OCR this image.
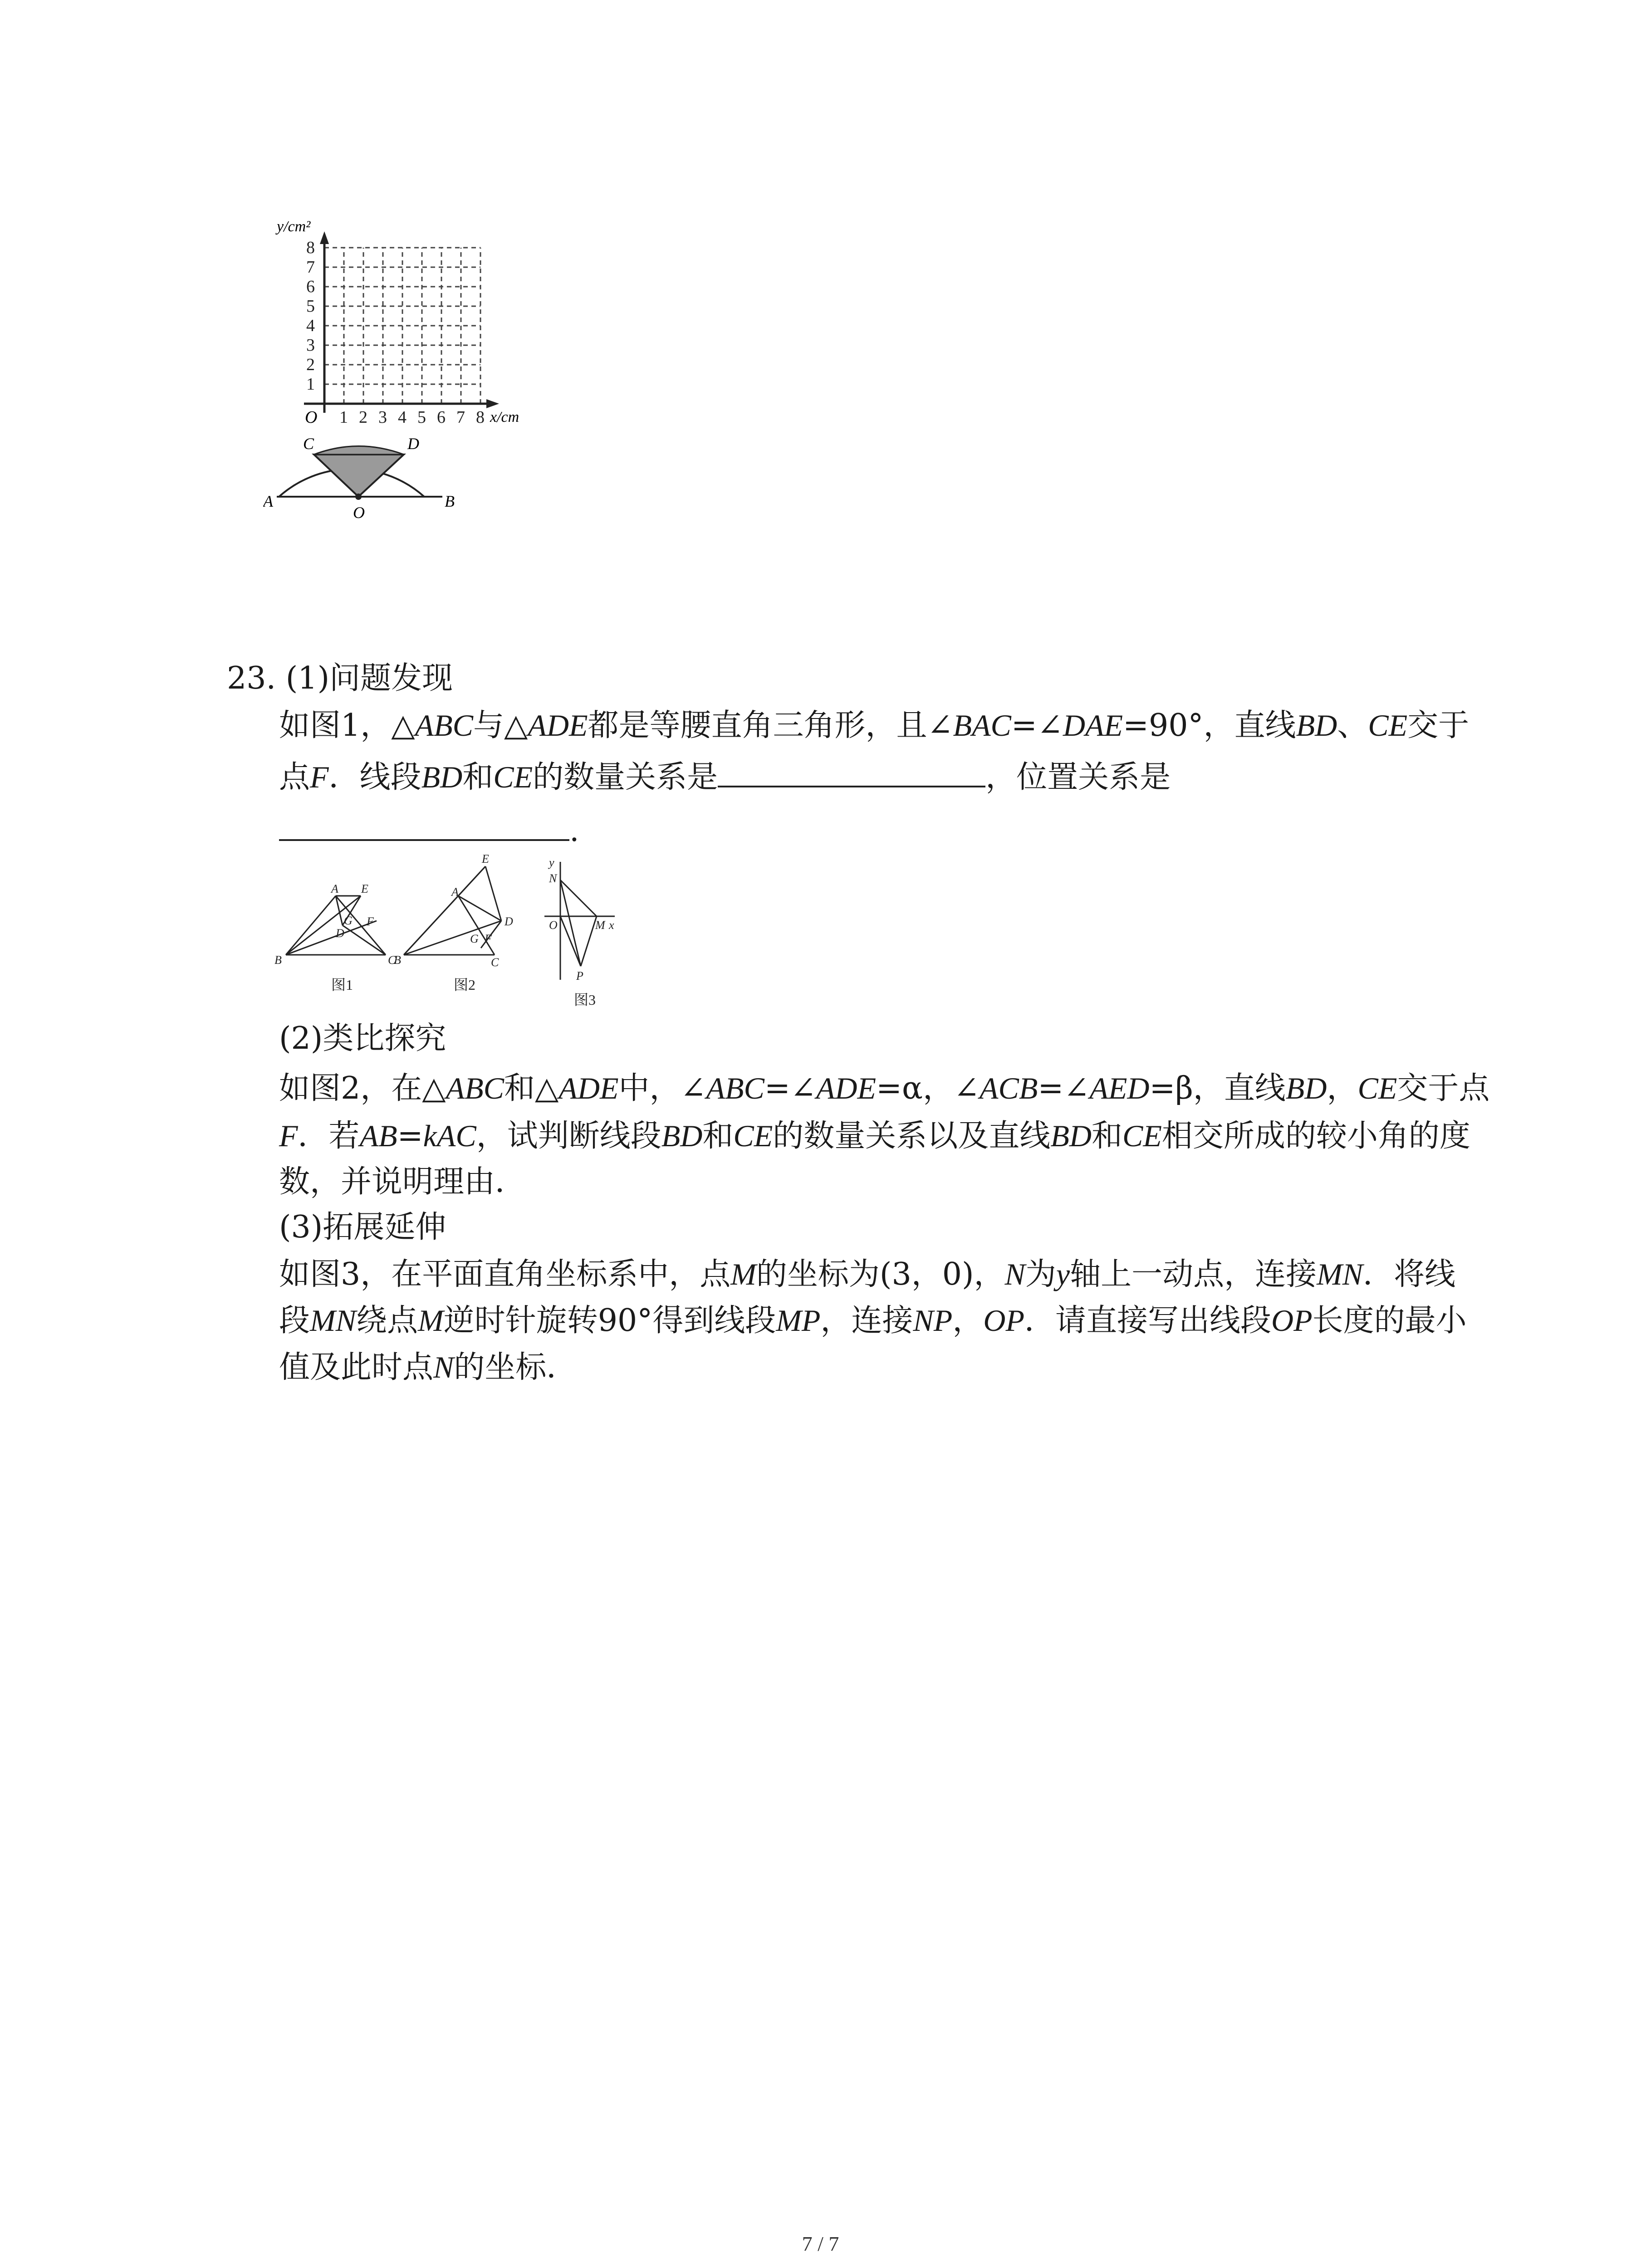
y/cm²
x/cm
O
1
2
3
4
5
6
7
8
1 2 3 4 5 6 7 8
A	B
C	D
O
23. (1)问题发现
如图1，△ABC与△ADE都是等腰直角三角形，且∠BAC=∠DAE=90°，直线BD、CE交于
点F．线段BD和CE的数量关系是	，位置关系是
.
A E
F
G
D
B	C
图1
E
A
D
G F
B	C
图2
y
N
O	M x
P
图3
(2)类比探究
如图2，在△ABC和△ADE中，∠ABC=∠ADE=α，∠ACB=∠AED=β，直线BD，CE交于点
F．若AB=kAC，试判断线段BD和CE的数量关系以及直线BD和CE相交所成的较小角的度
数，并说明理由．
(3)拓展延伸
如图3，在平面直角坐标系中，点M的坐标为(3，0)，N为y轴上一动点，连接MN．将线
段MN绕点M逆时针旋转90°得到线段MP，连接NP，OP．请直接写出线段OP长度的最小
值及此时点N的坐标．
7 / 7
